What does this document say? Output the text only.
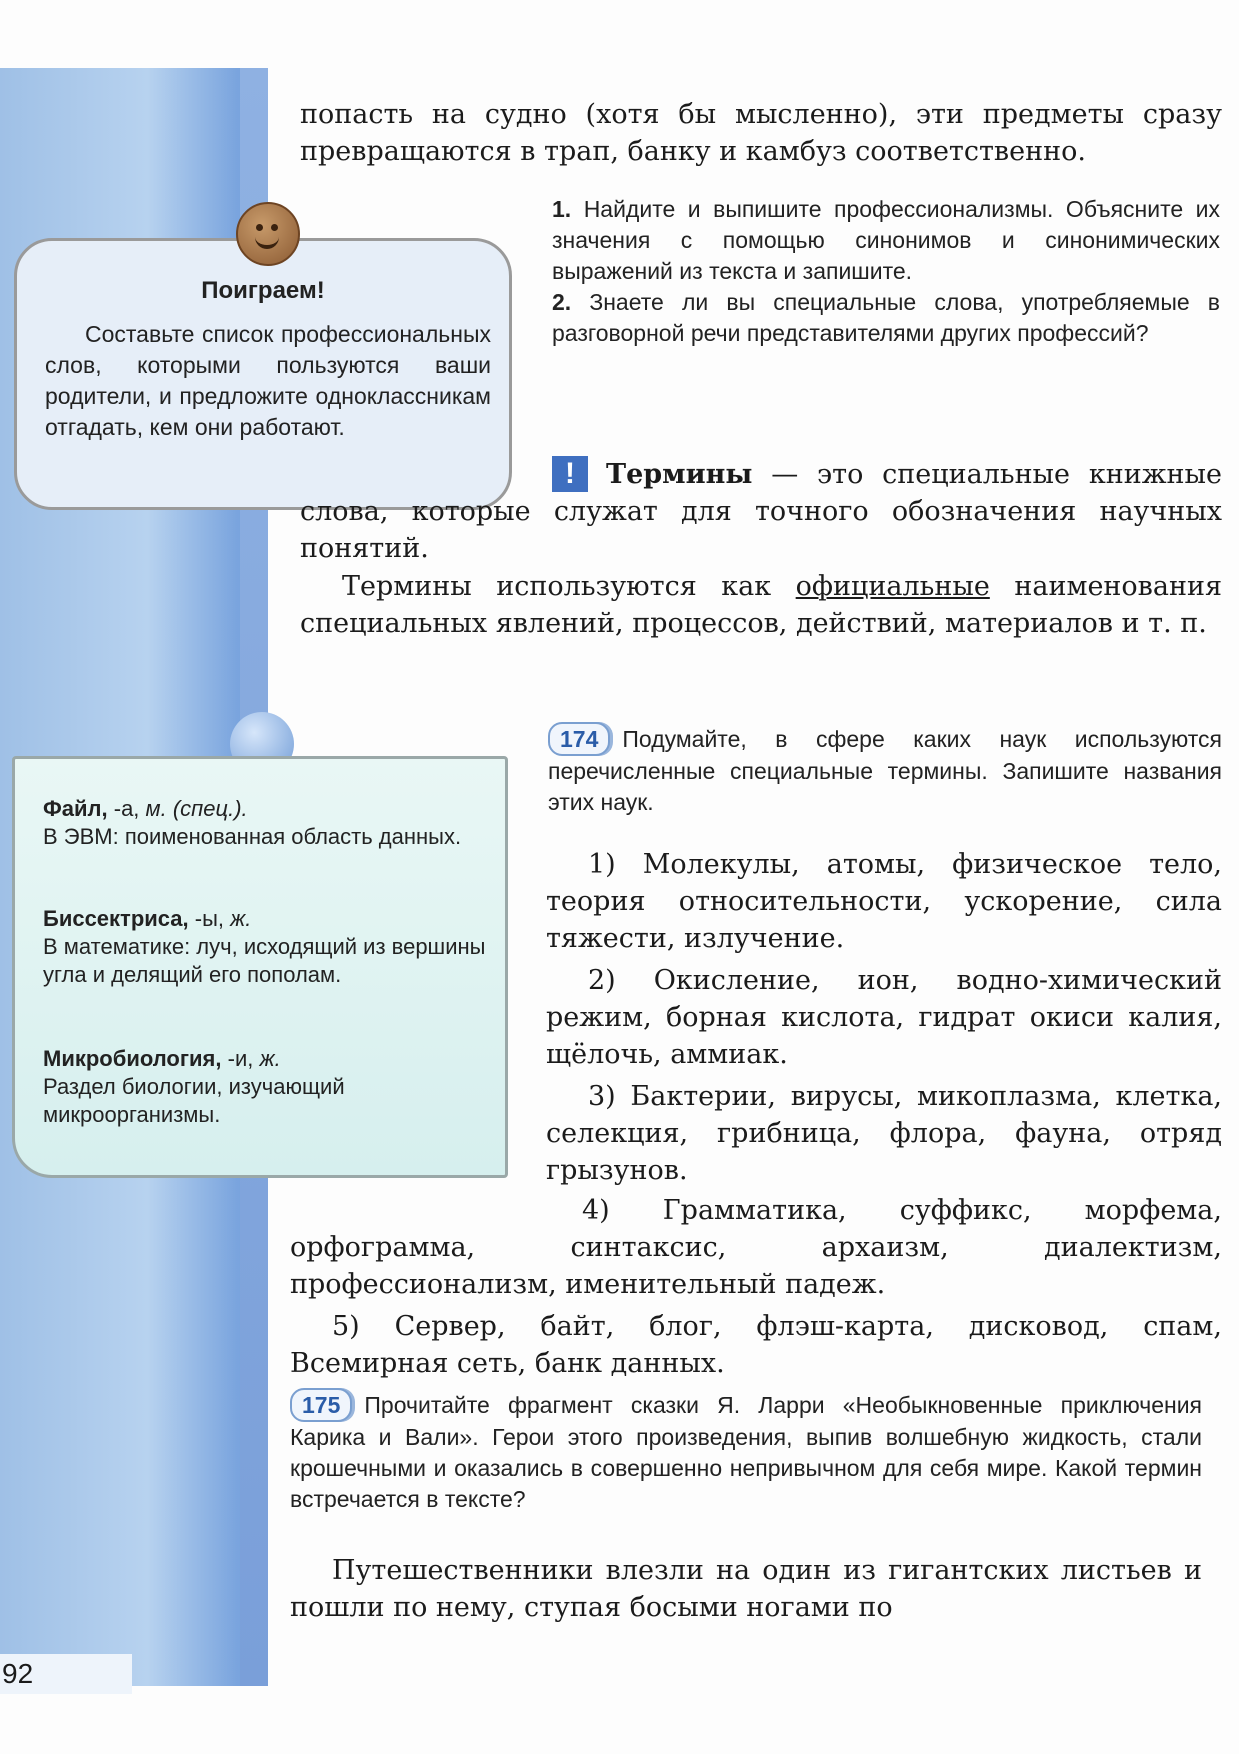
попасть на судно (хотя бы мысленно), эти предметы сразу превращаются в трап, банку и камбуз соответственно.

1. Найдите и выпишите профессионализмы. Объясните их значения с помощью синонимов и синонимических выражений из текста и запишите.

2. Знаете ли вы специальные слова, употребляемые в разговорной речи представителями других профессий?

Поиграем!

Составьте список профессиональных слов, которыми пользуются ваши родители, и предложите одноклассникам отгадать, кем они работают.

!	Термины — это специальные книжные слова, которые служат для точного обозначения научных понятий.

Термины используются как официальные наименования специальных явлений, процессов, действий, материалов и т. п.

Файл, -а, м. (спец.).
В ЭВМ: поименованная область данных.
Биссектриса, -ы, ж.
В математике: луч, исходящий из вершины угла и делящий его пополам.
Микробиология, -и, ж.
Раздел биологии, изучающий микроорганизмы.
174 Подумайте, в сфере каких наук используются перечисленные специальные термины. Запишите названия этих наук.

1) Молекулы, атомы, физическое тело, теория относительности, ускорение, сила тяжести, излучение.

2) Окисление, ион, водно-химический режим, борная кислота, гидрат окиси калия, щёлочь, аммиак.

3) Бактерии, вирусы, микоплазма, клетка, селекция, грибница, флора, фауна, отряд грызунов.

4) Грамматика, суффикс, морфема, орфограмма, синтаксис, архаизм, диалектизм, профессионализм, именительный падеж.

5) Сервер, байт, блог, флэш-карта, дисковод, спам, Всемирная сеть, банк данных.

175 Прочитайте фрагмент сказки Я. Ларри «Необыкновенные приключения Карика и Вали». Герои этого произведения, выпив волшебную жидкость, стали крошечными и оказались в совершенно непривычном для себя мире. Какой термин встречается в тексте?

Путешественники влезли на один из гигантских листьев и пошли по нему, ступая босыми ногами по

92
